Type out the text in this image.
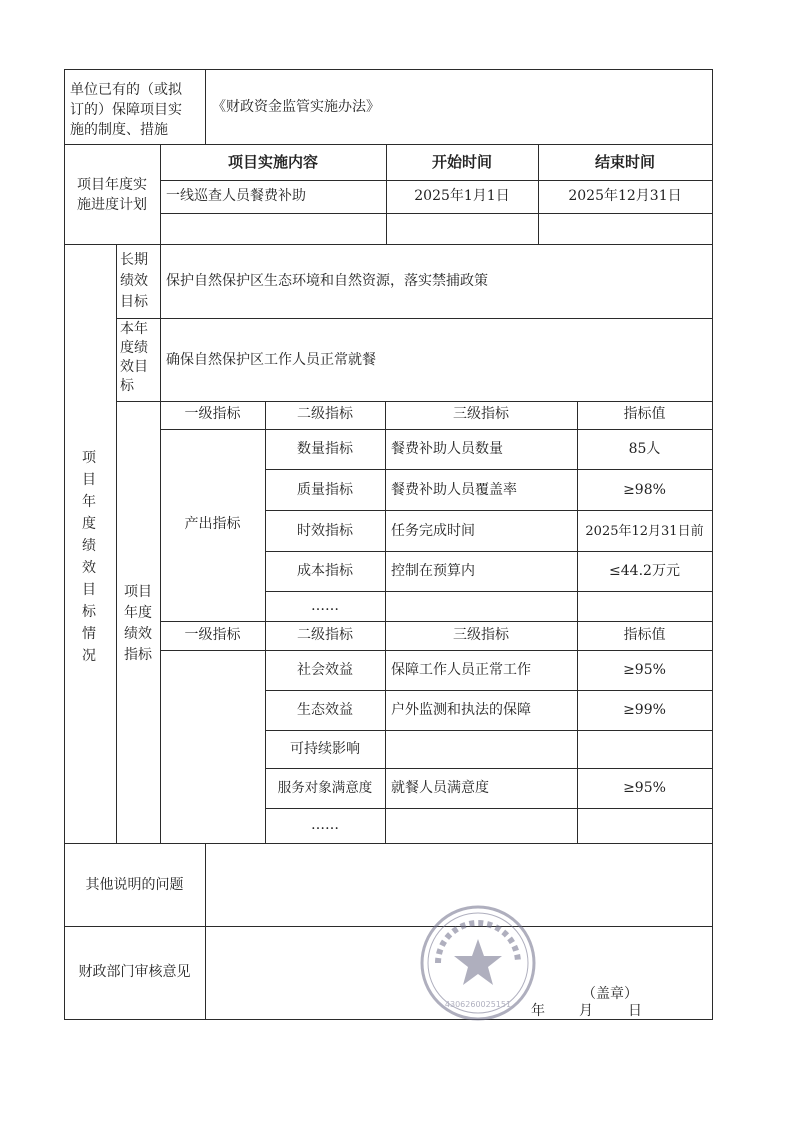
单位已有的（或拟
订的）保障项目实
施的制度、措施
《财政资金监管实施办法》
项目年度实
施进度计划
项目实施内容	开始时间	结束时间
一线巡查人员餐费补助	2025年1月1日	2025年12月31日
项目年度绩效目标情况
长期绩效目标
保护自然保护区生态环境和自然资源，落实禁捕政策
本年度绩效目标
确保自然保护区工作人员正常就餐
项目年度绩效指标
一级指标	二级指标	三级指标	指标值
产出指标
数量指标	餐费补助人员数量	85人
质量指标	餐费补助人员覆盖率	≥98%
时效指标	任务完成时间	2025年12月31日前
成本指标	控制在预算内	≤44.2万元
……
一级指标	二级指标	三级指标	指标值
社会效益	保障工作人员正常工作	≥95%
生态效益	户外监测和执法的保障	≥99%
可持续影响
服务对象满意度	就餐人员满意度	≥95%
……
其他说明的问题
财政部门审核意见
4306260025151
（盖章）
年 月	日
